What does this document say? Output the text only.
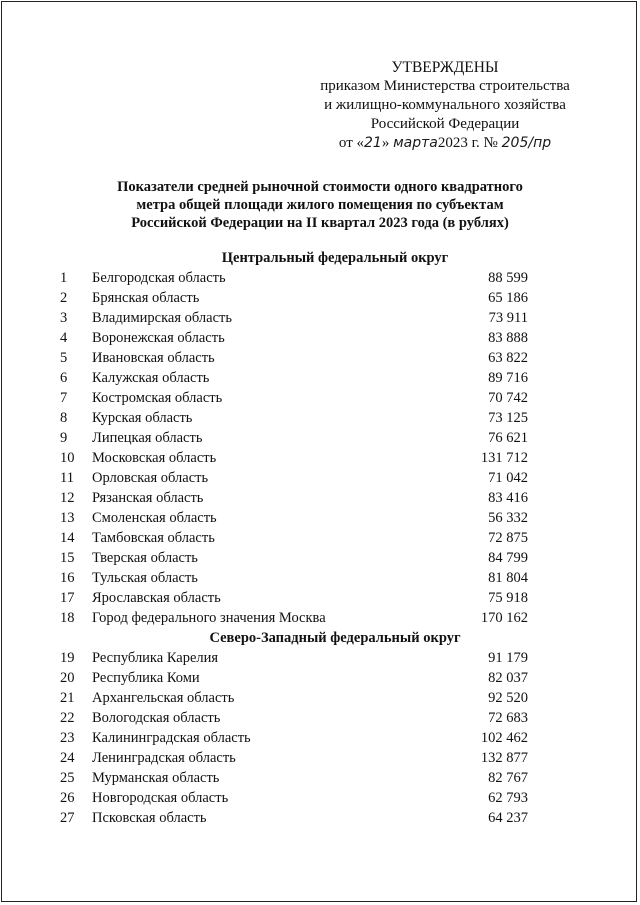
УТВЕРЖДЕНЫ
приказом Министерства строительства
и жилищно-коммунального хозяйства
Российской Федерации
от «21» марта2023 г. № 205/пр
Показатели средней рыночной стоимости одного квадратного
метра общей площади жилого помещения по субъектам
Российской Федерации на II квартал 2023 года (в рублях)
Центральный федеральный округ
1	Белгородская область	88 599
2	Брянская область	65 186
3	Владимирская область	73 911
4	Воронежская область	83 888
5	Ивановская область	63 822
6	Калужская область	89 716
7	Костромская область	70 742
8	Курская область	73 125
9	Липецкая область	76 621
10	Московская область	131 712
11	Орловская область	71 042
12	Рязанская область	83 416
13	Смоленская область	56 332
14	Тамбовская область	72 875
15	Тверская область	84 799
16	Тульская область	81 804
17	Ярославская область	75 918
18	Город федерального значения Москва	170 162
Северо-Западный федеральный округ
19	Республика Карелия	91 179
20	Республика Коми	82 037
21	Архангельская область	92 520
22	Вологодская область	72 683
23	Калининградская область	102 462
24	Ленинградская область	132 877
25	Мурманская область	82 767
26	Новгородская область	62 793
27	Псковская область	64 237
